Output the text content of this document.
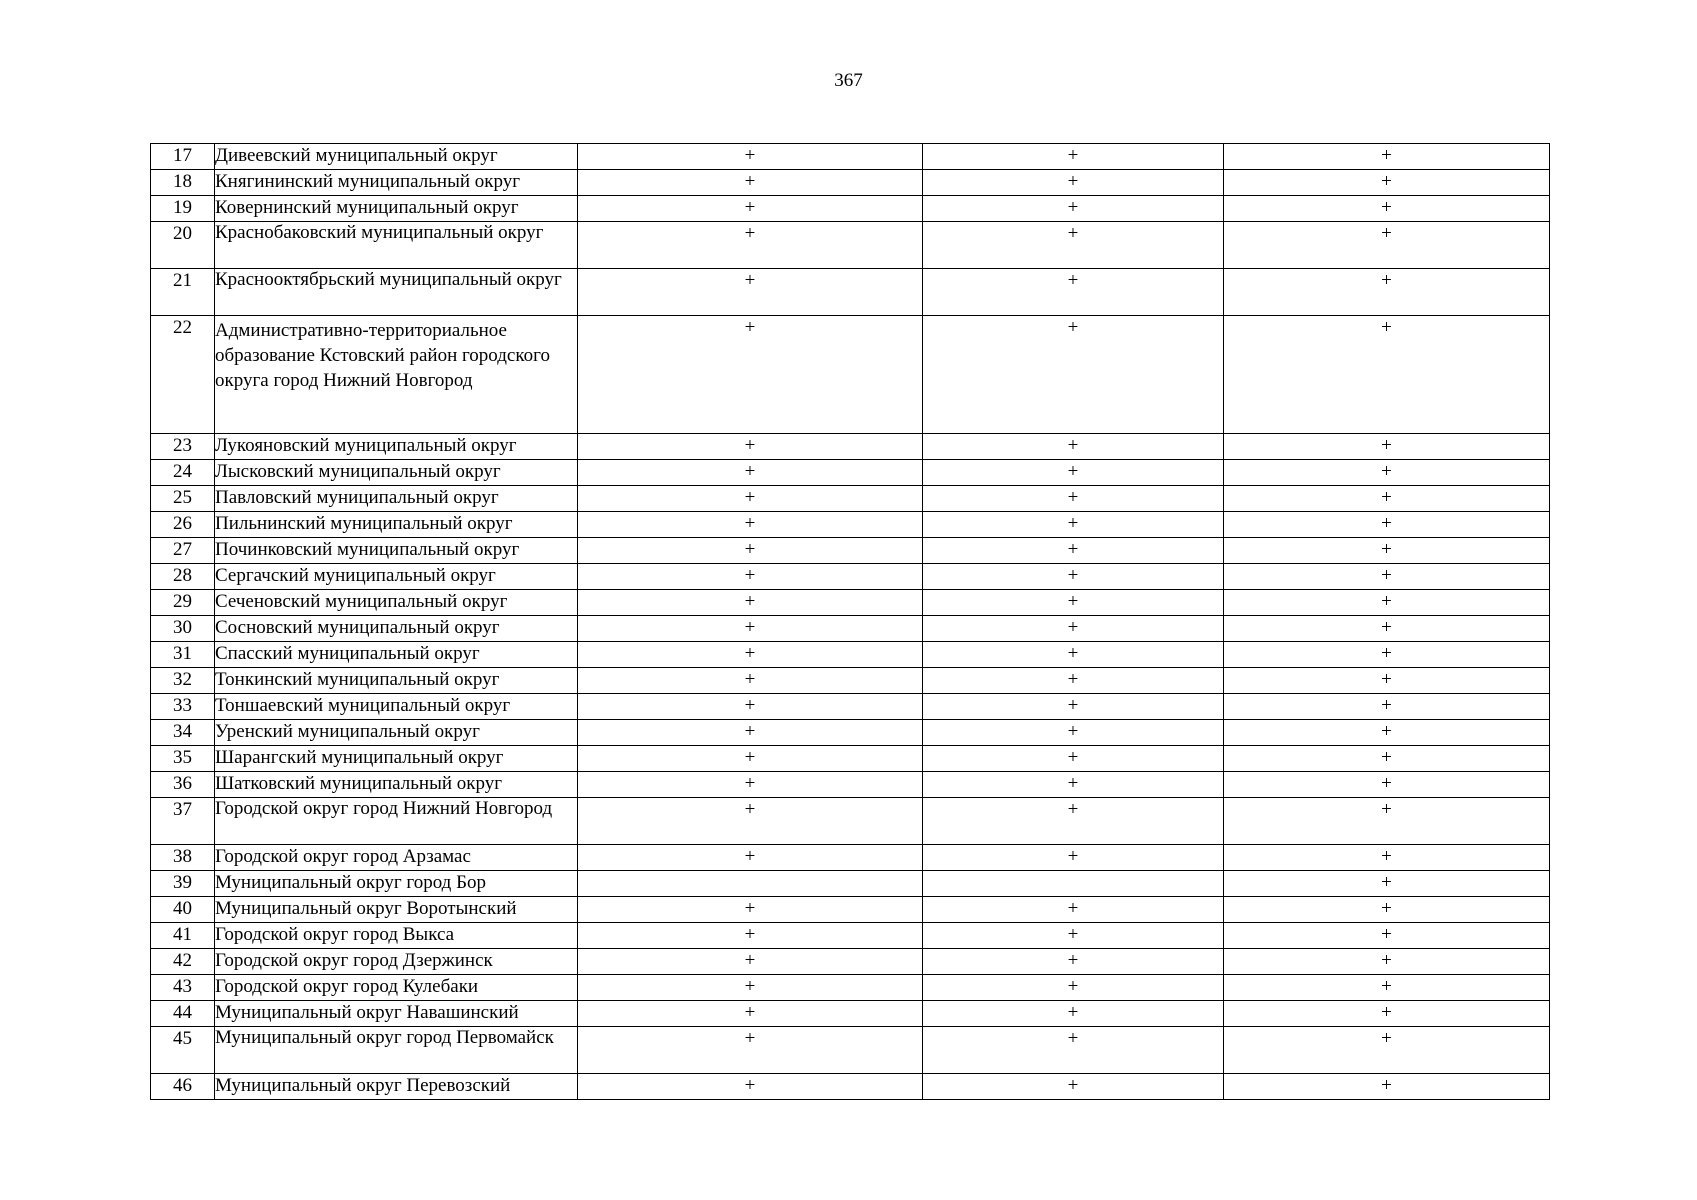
367
17	Дивеевский муниципальный округ	+	+	+
18	Княгининский муниципальный округ	+	+	+
19	Ковернинский муниципальный округ	+	+	+
20	Краснобаковский муниципальный округ	+	+	+
21	Краснооктябрьский муниципальный округ	+	+	+
22	Административно-территориальное образование Кстовский район городского округа город Нижний Новгород	+	+	+
23	Лукояновский муниципальный округ	+	+	+
24	Лысковский муниципальный округ	+	+	+
25	Павловский муниципальный округ	+	+	+
26	Пильнинский муниципальный округ	+	+	+
27	Починковский муниципальный округ	+	+	+
28	Сергачский муниципальный округ	+	+	+
29	Сеченовский муниципальный округ	+	+	+
30	Сосновский муниципальный округ	+	+	+
31	Спасский муниципальный округ	+	+	+
32	Тонкинский муниципальный округ	+	+	+
33	Тоншаевский муниципальный округ	+	+	+
34	Уренский муниципальный округ	+	+	+
35	Шарангский муниципальный округ	+	+	+
36	Шатковский муниципальный округ	+	+	+
37	Городской округ город Нижний Новгород	+	+	+
38	Городской округ город Арзамас	+	+	+
39	Муниципальный округ город Бор			+
40	Муниципальный округ Воротынский	+	+	+
41	Городской округ город Выкса	+	+	+
42	Городской округ город Дзержинск	+	+	+
43	Городской округ город Кулебаки	+	+	+
44	Муниципальный округ Навашинский	+	+	+
45	Муниципальный округ город Первомайск	+	+	+
46	Муниципальный округ Перевозский	+	+	+
